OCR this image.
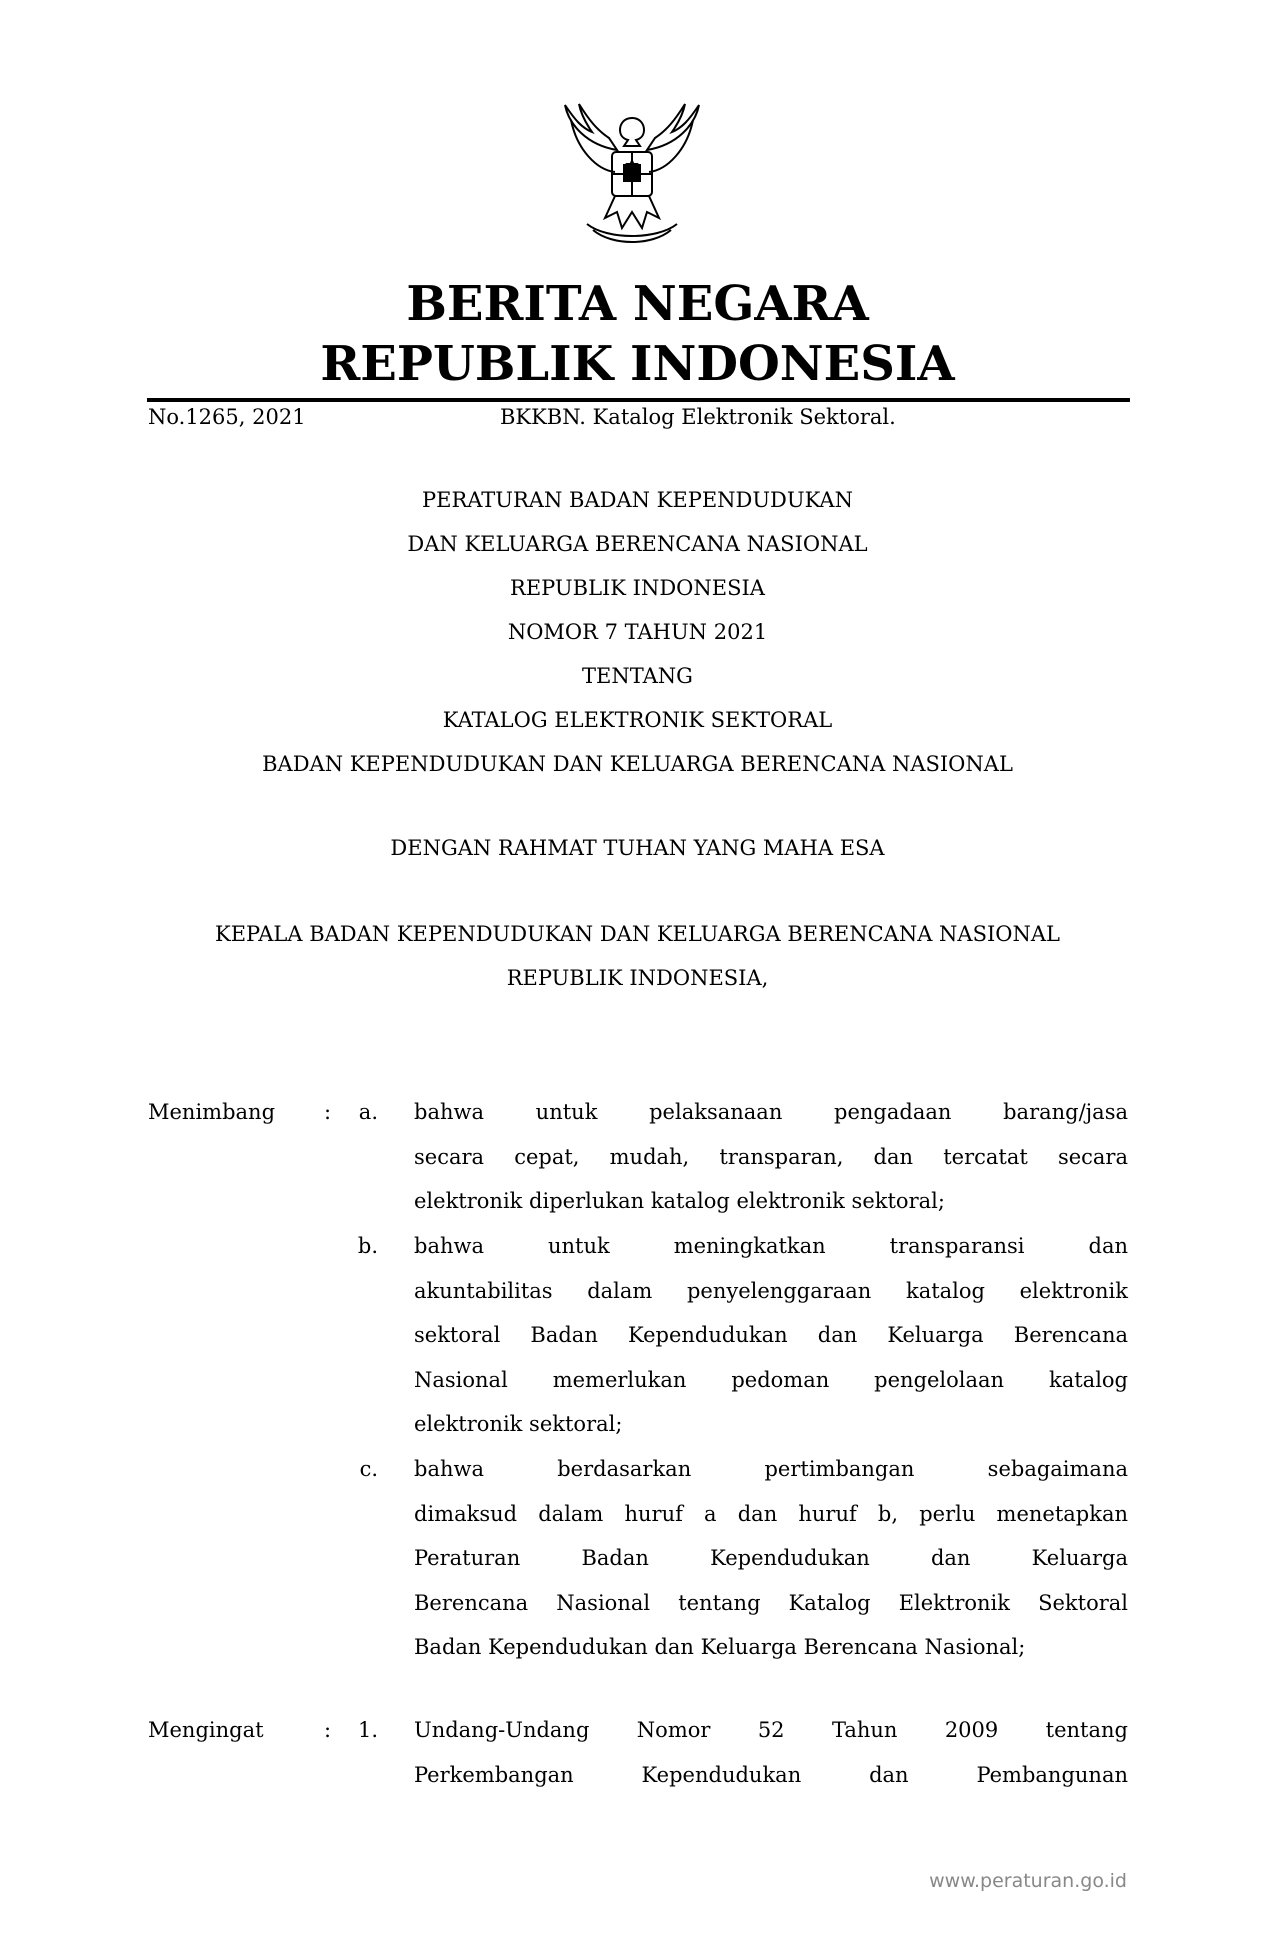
BERITA NEGARA
REPUBLIK INDONESIA
No.1265, 2021	BKKBN. Katalog Elektronik Sektoral.
PERATURAN BADAN KEPENDUDUKAN
DAN KELUARGA BERENCANA NASIONAL
REPUBLIK INDONESIA
NOMOR 7 TAHUN 2021
TENTANG
KATALOG ELEKTRONIK SEKTORAL
BADAN KEPENDUDUKAN DAN KELUARGA BERENCANA NASIONAL
DENGAN RAHMAT TUHAN YANG MAHA ESA
KEPALA BADAN KEPENDUDUKAN DAN KELUARGA BERENCANA NASIONAL
REPUBLIK INDONESIA,
Menimbang :	a. bahwa untuk pelaksanaan pengadaan barang/jasa
secara cepat, mudah, transparan, dan tercatat secara
elektronik diperlukan katalog elektronik sektoral;
b. bahwa untuk meningkatkan transparansi dan
akuntabilitas dalam penyelenggaraan katalog elektronik
sektoral Badan Kependudukan dan Keluarga Berencana
Nasional memerlukan pedoman pengelolaan katalog
elektronik sektoral;
c. bahwa berdasarkan pertimbangan sebagaimana
dimaksud dalam huruf a dan huruf b, perlu menetapkan
Peraturan Badan Kependudukan dan Keluarga
Berencana Nasional tentang Katalog Elektronik Sektoral
Badan Kependudukan dan Keluarga Berencana Nasional;
Mengingat	:	1. Undang-Undang Nomor 52 Tahun 2009 tentang
Perkembangan Kependudukan dan Pembangunan
www.peraturan.go.id
